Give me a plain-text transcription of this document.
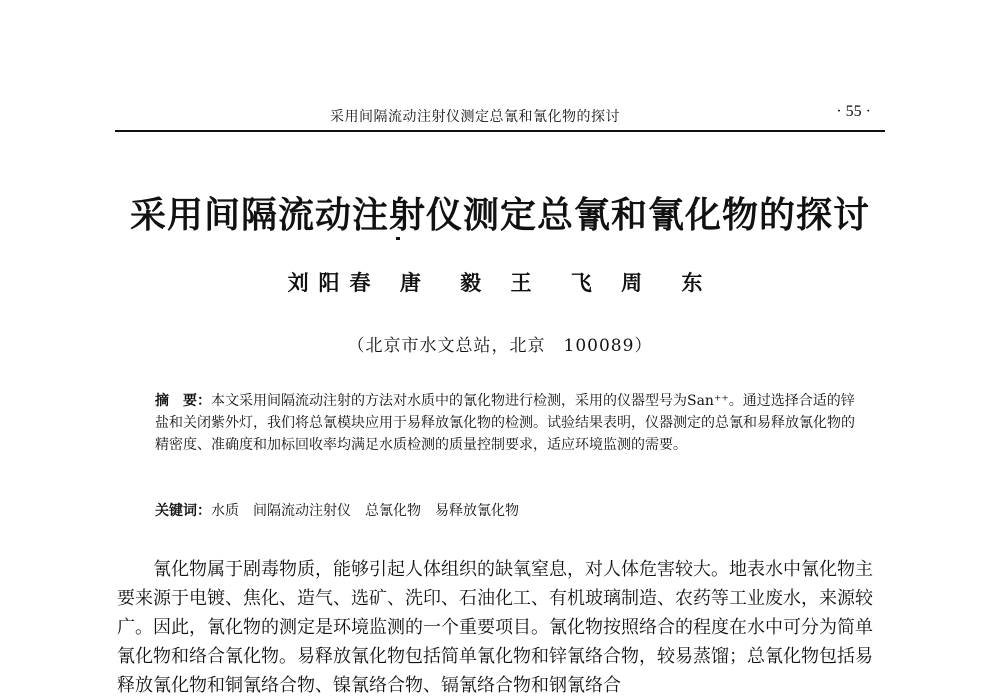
采用间隔流动注射仪测定总氰和氰化物的探讨	· 55 ·
采用间隔流动注射仪测定总氰和氰化物的探讨
刘阳春 唐 毅 王 飞 周 东
（北京市水文总站，北京　100089）

摘　要：本文采用间隔流动注射的方法对水质中的氰化物进行检测，采用的仪器型号为San⁺⁺。通过选择合适的锌盐和关闭紫外灯，我们将总氰模块应用于易释放氰化物的检测。试验结果表明，仪器测定的总氰和易释放氰化物的精密度、准确度和加标回收率均满足水质检测的质量控制要求，适应环境监测的需要。

关键词：水质 间隔流动注射仪 总氰化物 易释放氰化物

氰化物属于剧毒物质，能够引起人体组织的缺氧窒息，对人体危害较大。地表水中氰化物主要来源于电镀、焦化、造气、选矿、洗印、石油化工、有机玻璃制造、农药等工业废水，来源较广。因此，氰化物的测定是环境监测的一个重要项目。氰化物按照络合的程度在水中可分为简单氰化物和络合氰化物。易释放氰化物包括简单氰化物和锌氰络合物，较易蒸馏；总氰化物包括易释放氰化物和铜氰络合物、镍氰络合物、镉氰络合物和钢氰络合
